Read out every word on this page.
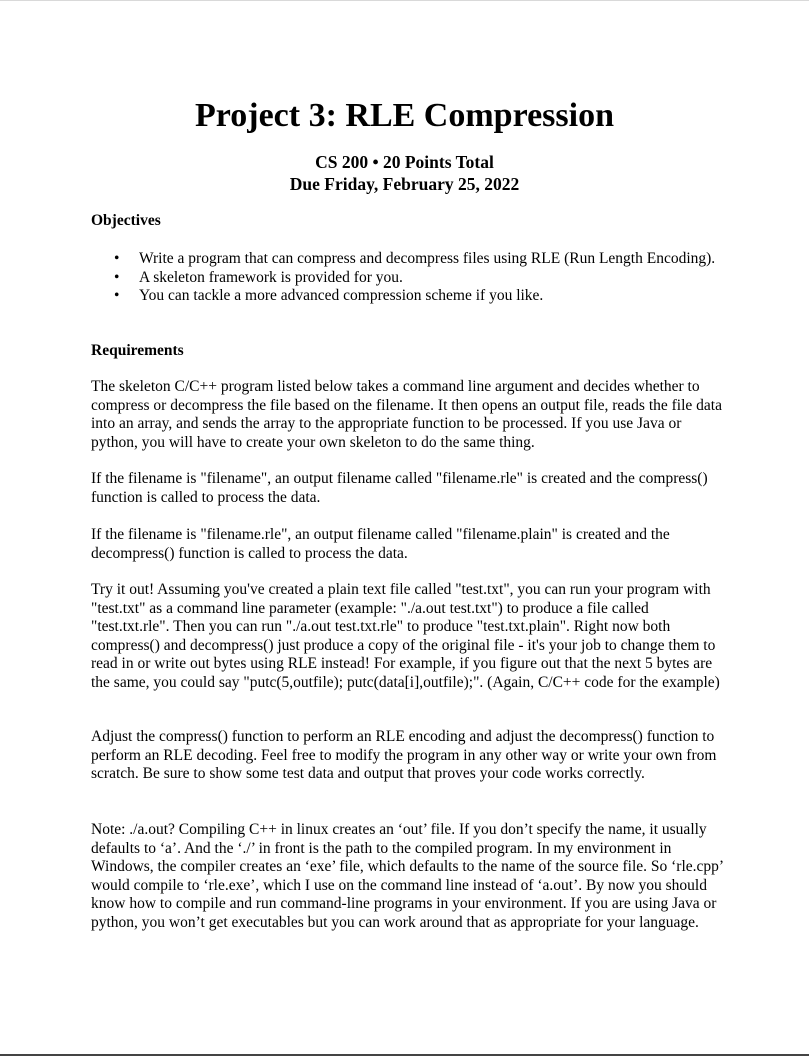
Project 3: RLE Compression

CS 200 • 20 Points Total

Due Friday, February 25, 2022

Objectives
• Write a program that can compress and decompress files using RLE (Run Length Encoding).
• A skeleton framework is provided for you.
• You can tackle a more advanced compression scheme if you like.
Requirements

The skeleton C/C++ program listed below takes a command line argument and decides whether to compress or decompress the file based on the filename. It then opens an output file, reads the file data into an array, and sends the array to the appropriate function to be processed. If you use Java or python, you will have to create your own skeleton to do the same thing.

If the filename is "filename", an output filename called "filename.rle" is created and the compress() function is called to process the data.

If the filename is "filename.rle", an output filename called "filename.plain" is created and the decompress() function is called to process the data.

Try it out! Assuming you've created a plain text file called "test.txt", you can run your program with "test.txt" as a command line parameter (example: "./a.out test.txt") to produce a file called "test.txt.rle". Then you can run "./a.out test.txt.rle" to produce "test.txt.plain". Right now both compress() and decompress() just produce a copy of the original file - it's your job to change them to read in or write out bytes using RLE instead! For example, if you figure out that the next 5 bytes are the same, you could say "putc(5,outfile); putc(data[i],outfile);". (Again, C/C++ code for the example)

Adjust the compress() function to perform an RLE encoding and adjust the decompress() function to perform an RLE decoding. Feel free to modify the program in any other way or write your own from scratch. Be sure to show some test data and output that proves your code works correctly.

Note: ./a.out? Compiling C++ in linux creates an ‘out’ file. If you don’t specify the name, it usually defaults to ‘a’. And the ‘./’ in front is the path to the compiled program. In my environment in Windows, the compiler creates an ‘exe’ file, which defaults to the name of the source file. So ‘rle.cpp’ would compile to ‘rle.exe’, which I use on the command line instead of ‘a.out’. By now you should know how to compile and run command-line programs in your environment. If you are using Java or python, you won’t get executables but you can work around that as appropriate for your language.
